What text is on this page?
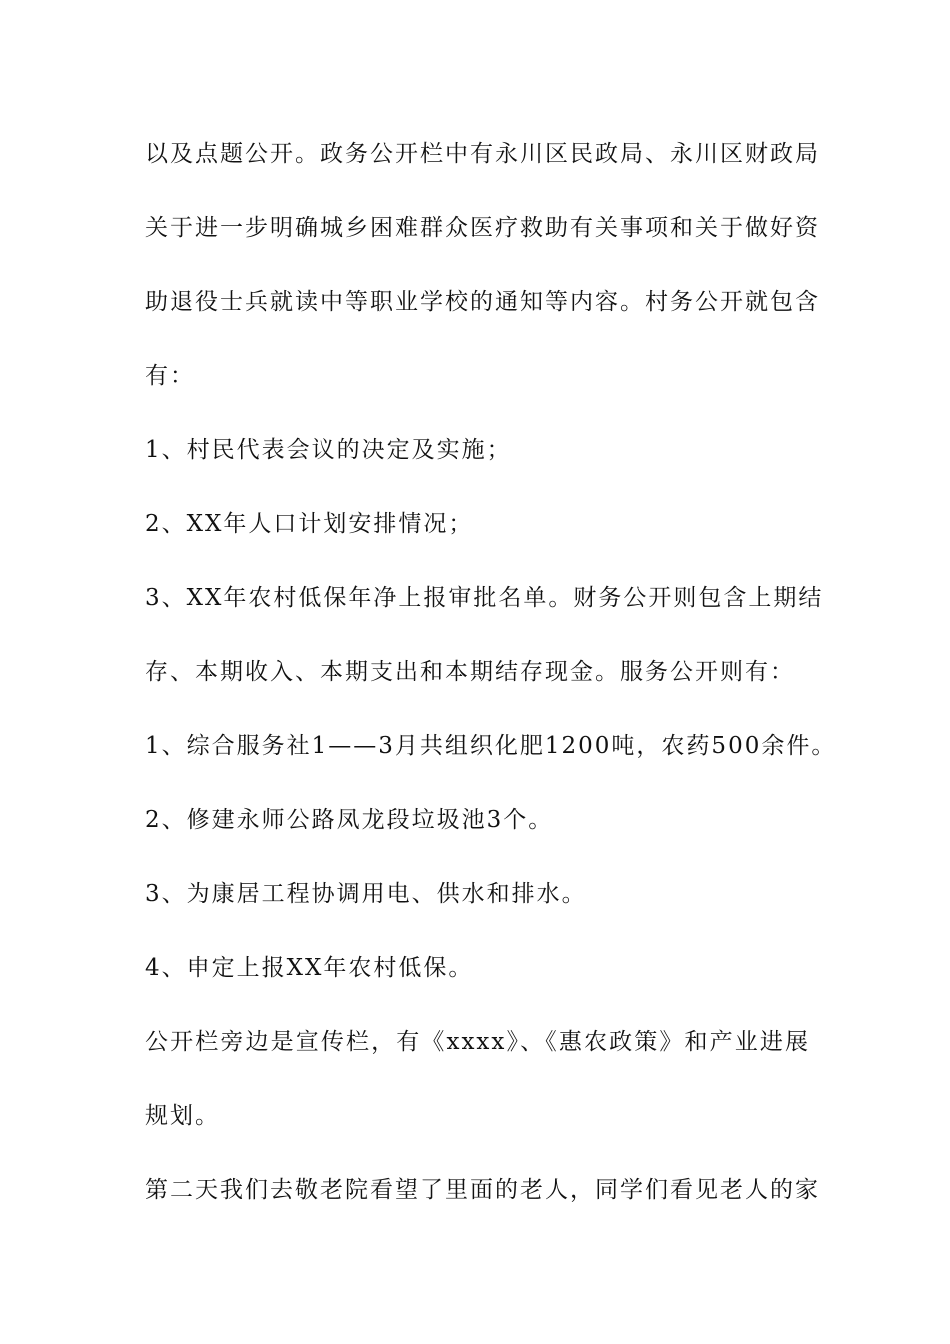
以及点题公开。政务公开栏中有永川区民政局、永川区财政局
关于进一步明确城乡困难群众医疗救助有关事项和关于做好资
助退役士兵就读中等职业学校的通知等内容。村务公开就包含
有：
1、村民代表会议的决定及实施；
2、XX年人口计划安排情况；
3、XX年农村低保年净上报审批名单。财务公开则包含上期结
存、本期收入、本期支出和本期结存现金。服务公开则有：
1、综合服务社1——3月共组织化肥1200吨，农药500余件。
2、修建永师公路凤龙段垃圾池3个。
3、为康居工程协调用电、供水和排水。
4、申定上报XX年农村低保。
公开栏旁边是宣传栏，有《xxxx》、《惠农政策》和产业进展
规划。
第二天我们去敬老院看望了里面的老人，同学们看见老人的家
